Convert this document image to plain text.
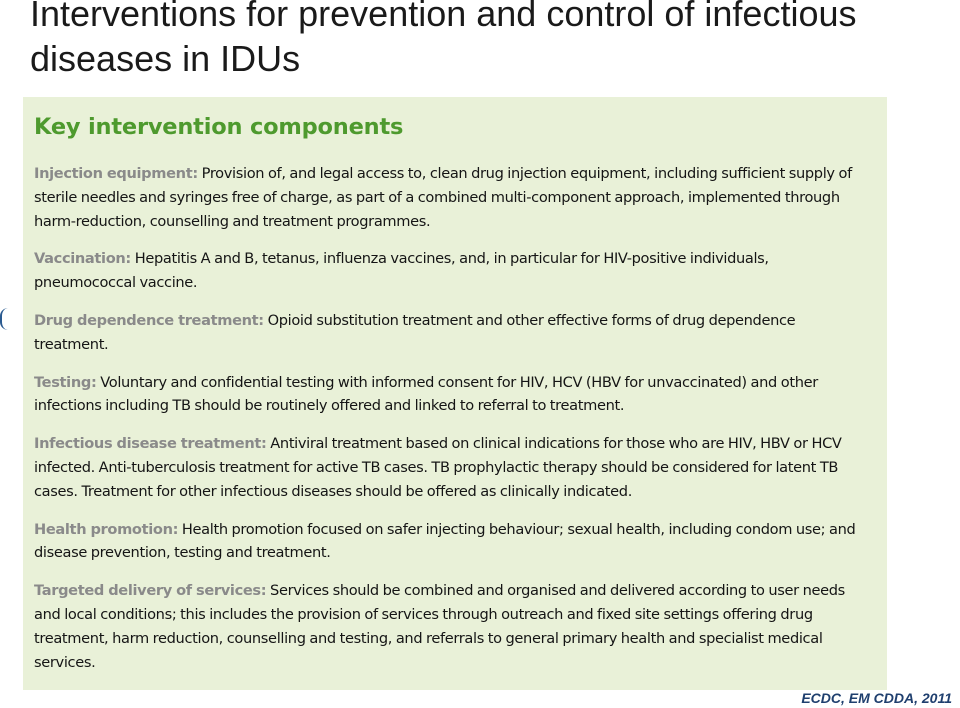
Interventions for prevention and control of infectious diseases in IDUs
Key intervention components

Injection equipment: Provision of, and legal access to, clean drug injection equipment, including sufficient supply of sterile needles and syringes free of charge, as part of a combined multi-component approach, implemented through harm-reduction, counselling and treatment programmes.

Vaccination: Hepatitis A and B, tetanus, influenza vaccines, and, in particular for HIV-positive individuals, pneumococcal vaccine.

Drug dependence treatment: Opioid substitution treatment and other effective forms of drug dependence treatment.

Testing: Voluntary and confidential testing with informed consent for HIV, HCV (HBV for unvaccinated) and other infections including TB should be routinely offered and linked to referral to treatment.

Infectious disease treatment: Antiviral treatment based on clinical indications for those who are HIV, HBV or HCV infected. Anti-tuberculosis treatment for active TB cases. TB prophylactic therapy should be considered for latent TB cases. Treatment for other infectious diseases should be offered as clinically indicated.

Health promotion: Health promotion focused on safer injecting behaviour; sexual health, including condom use; and disease prevention, testing and treatment.

Targeted delivery of services: Services should be combined and organised and delivered according to user needs and local conditions; this includes the provision of services through outreach and fixed site settings offering drug treatment, harm reduction, counselling and testing, and referrals to general primary health and specialist medical services.

ECDC, EM CDDA, 2011
